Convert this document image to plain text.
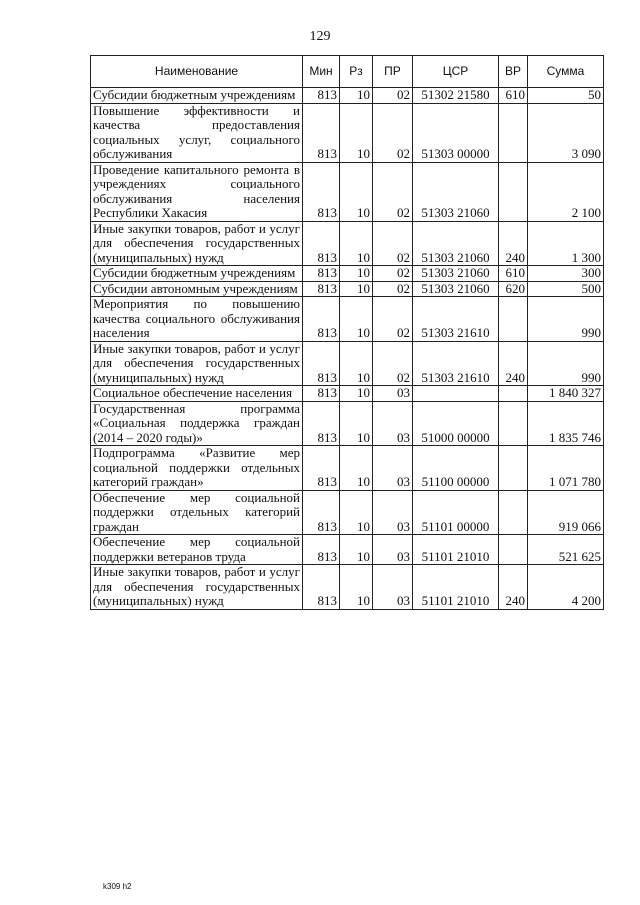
129
Наименование	Мин	Рз	ПР	ЦСР	ВР	Сумма
Субсидии бюджетным учреждениям	813	10	02	51302 21580	610	50
Повышение эффективности и качества предоставления социальных услуг, социального обслуживания	813	10	02	51303 00000		3 090
Проведение капитального ремонта в учреждениях социального обслуживания населения Республики Хакасия	813	10	02	51303 21060		2 100
Иные закупки товаров, работ и услуг для обеспечения государственных (муниципальных) нужд	813	10	02	51303 21060	240	1 300
Субсидии бюджетным учреждениям	813	10	02	51303 21060	610	300
Субсидии автономным учреждениям	813	10	02	51303 21060	620	500
Мероприятия по повышению качества социального обслуживания населения	813	10	02	51303 21610		990
Иные закупки товаров, работ и услуг для обеспечения государственных (муниципальных) нужд	813	10	02	51303 21610	240	990
Социальное обеспечение населения	813	10	03			1 840 327
Государственная программа «Социальная поддержка граждан (2014 – 2020 годы)»	813	10	03	51000 00000		1 835 746
Подпрограмма «Развитие мер социальной поддержки отдельных категорий граждан»	813	10	03	51100 00000		1 071 780
Обеспечение мер социальной поддержки отдельных категорий граждан	813	10	03	51101 00000		919 066
Обеспечение мер социальной поддержки ветеранов труда	813	10	03	51101 21010		521 625
Иные закупки товаров, работ и услуг для обеспечения государственных (муниципальных) нужд	813	10	03	51101 21010	240	4 200
k309 h2
